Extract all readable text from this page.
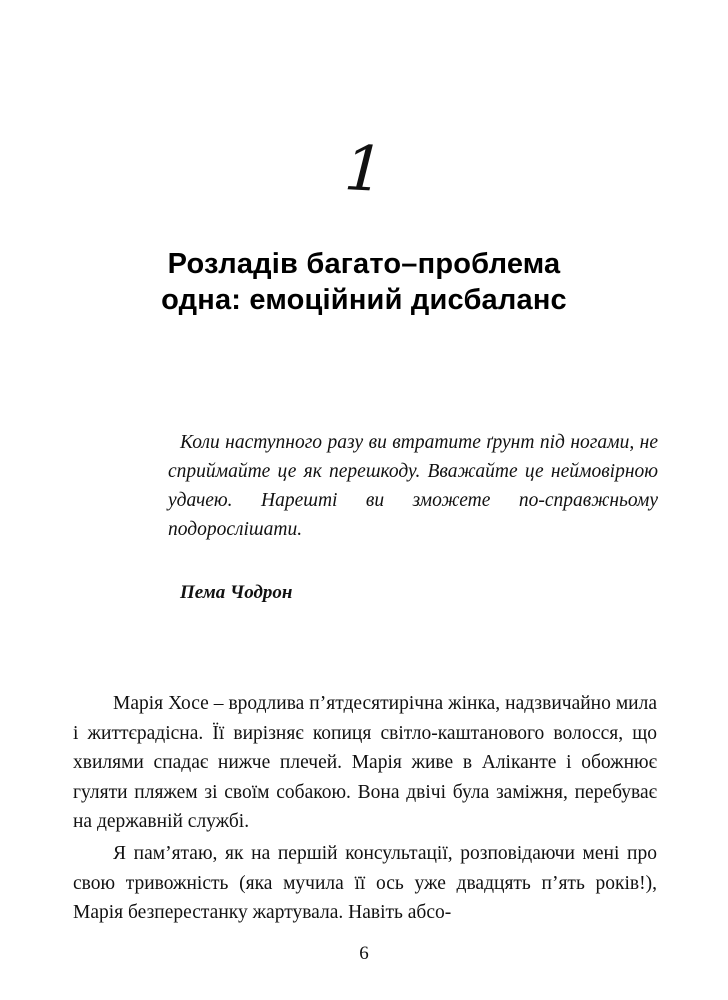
1
Розладів багато–проблема
одна: емоційний дисбаланс
Коли наступного разу ви втратите ґрунт під ногами, не сприймайте це як перешкоду. Вважайте це неймовірною удачею. Нарешті ви зможете по-справжньому подорослішати.
Пема Чодрон

Марія Хосе – вродлива п’ятдесятирічна жінка, надзвичайно мила і життєрадісна. Її вирізняє копиця світло-каштанового волосся, що хвилями спадає нижче плечей. Марія живе в Аліканте і обожнює гуляти пляжем зі своїм собакою. Вона двічі була заміжня, перебуває на державній службі.

Я пам’ятаю, як на першій консультації, розповідаючи мені про свою тривожність (яка мучила її ось уже двадцять п’ять років!), Марія безперестанку жартувала. Навіть абсо-

6
